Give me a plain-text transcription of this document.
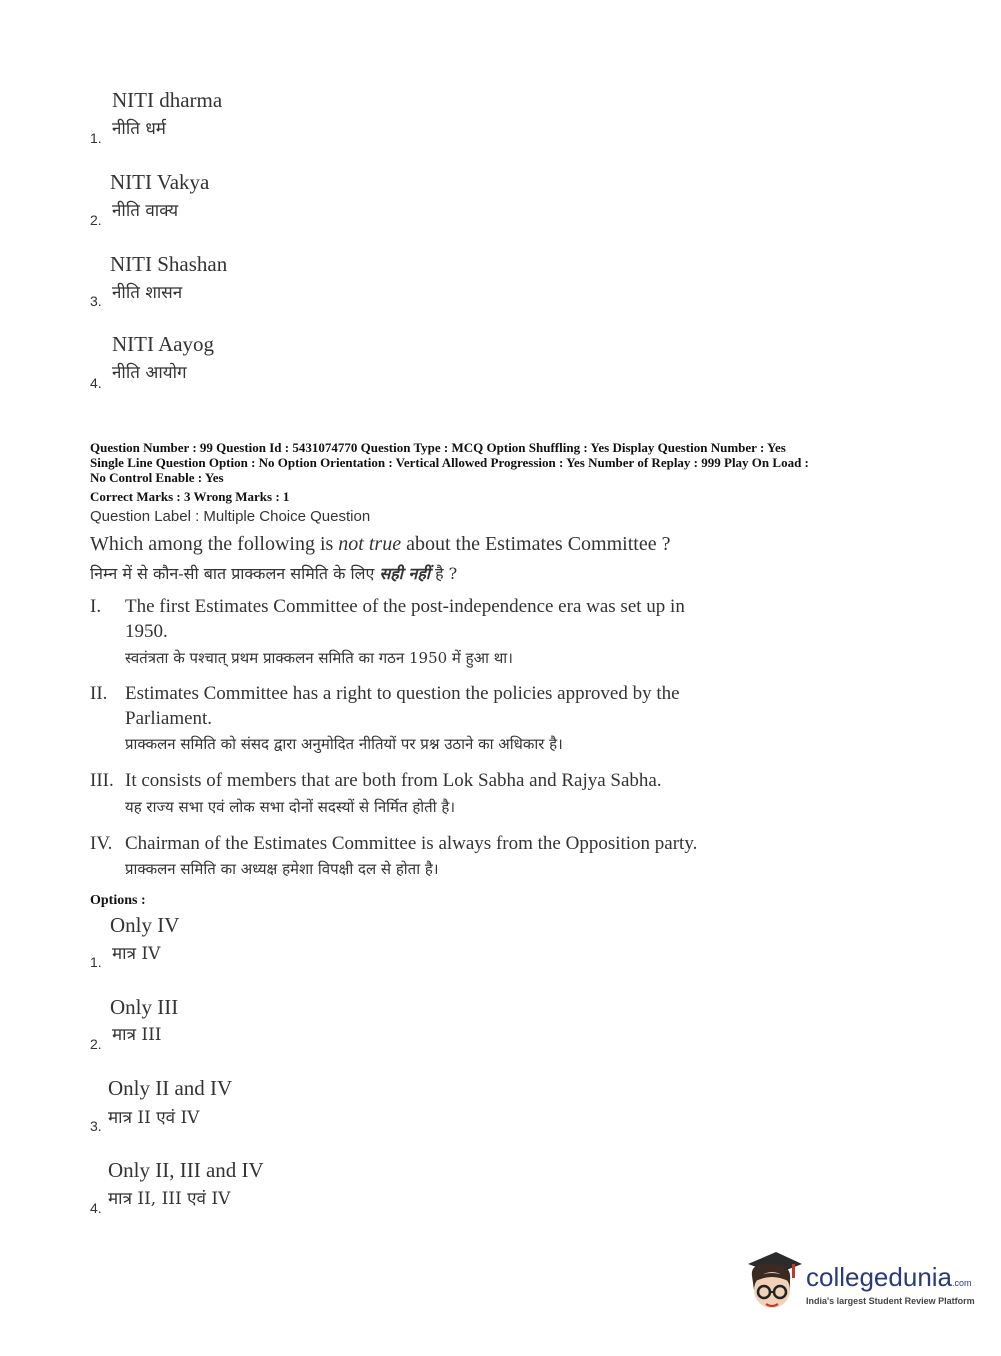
NITI dharma
नीति धर्म
1.
NITI Vakya
नीति वाक्य
2.
NITI Shashan
नीति शासन
3.
NITI Aayog
नीति आयोग
4.
Question Number : 99 Question Id : 5431074770 Question Type : MCQ Option Shuffling : Yes Display Question Number : Yes
Single Line Question Option : No Option Orientation : Vertical Allowed Progression : Yes Number of Replay : 999 Play On Load :
No Control Enable : Yes
Correct Marks : 3 Wrong Marks : 1
Question Label : Multiple Choice Question
Which among the following is not true about the Estimates Committee ?
निम्न में से कौन-सी बात प्राक्कलन समिति के लिए सही नहीं है ?
I. The first Estimates Committee of the post-independence era was set up in
1950.
स्वतंत्रता के पश्चात् प्रथम प्राक्कलन समिति का गठन 1950 में हुआ था।
II. Estimates Committee has a right to question the policies approved by the
Parliament.
प्राक्कलन समिति को संसद द्वारा अनुमोदित नीतियों पर प्रश्न उठाने का अधिकार है।
III. It consists of members that are both from Lok Sabha and Rajya Sabha.
यह राज्य सभा एवं लोक सभा दोनों सदस्यों से निर्मित होती है।
IV. Chairman of the Estimates Committee is always from the Opposition party.
प्राक्कलन समिति का अध्यक्ष हमेशा विपक्षी दल से होता है।
Options :
Only IV
मात्र IV
1.
Only III
मात्र III
2.
Only II and IV
मात्र II एवं IV
3.
Only II, III and IV
मात्र II, III एवं IV
4.
collegedunia.com
India's largest Student Review Platform
